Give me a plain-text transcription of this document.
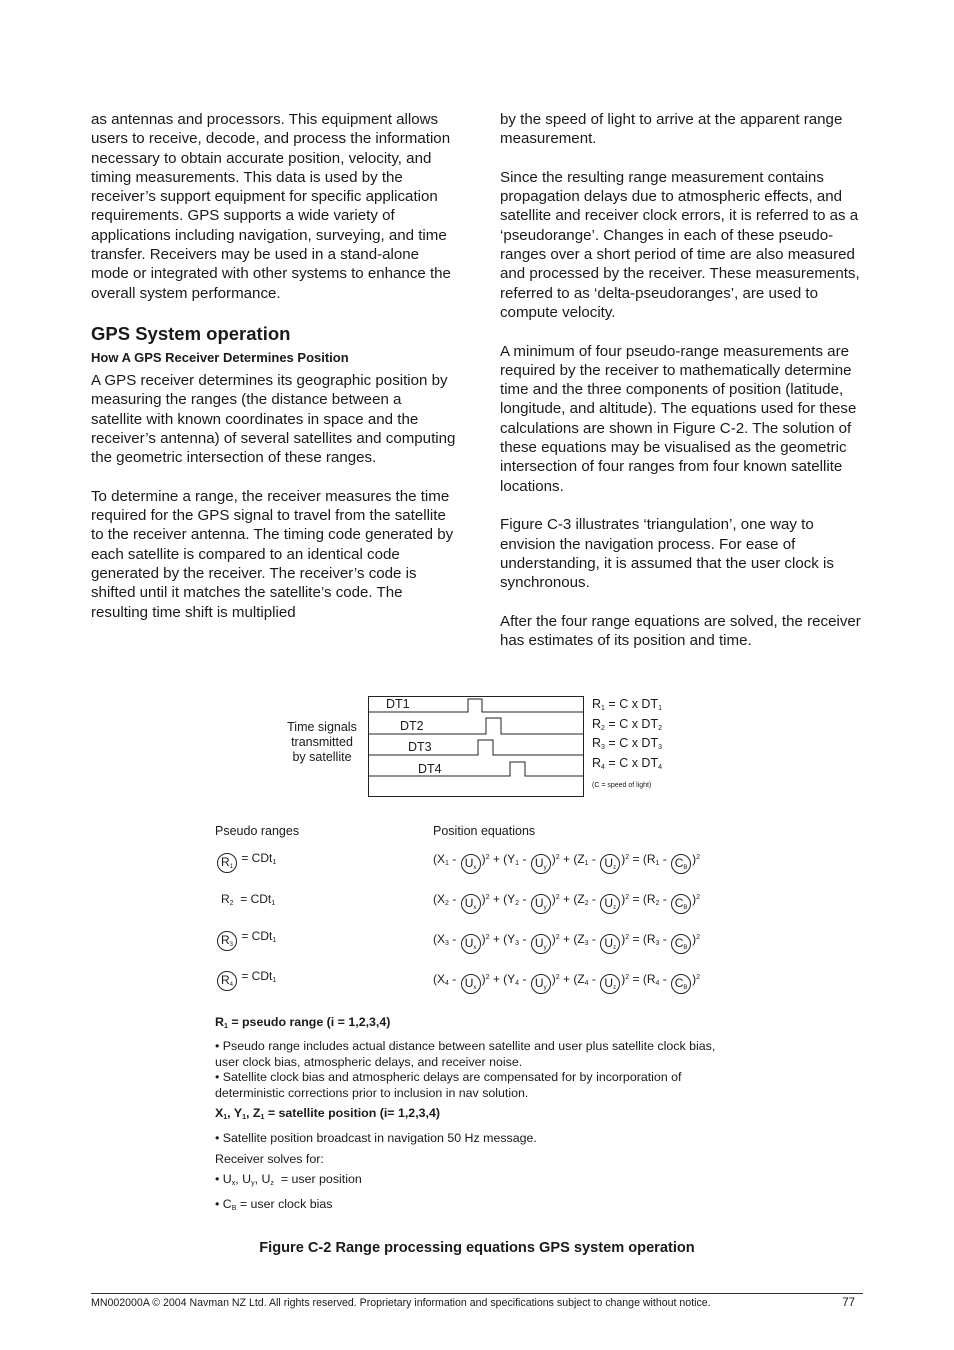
as antennas and processors. This equipment allows users to receive, decode, and process the information necessary to obtain accurate position, velocity, and timing measurements. This data is used by the receiver’s support equipment for specific application requirements. GPS supports a wide variety of applications including navigation, surveying, and time transfer. Receivers may be used in a stand-alone mode or integrated with other systems to enhance the overall system performance.

GPS System operation
How A GPS Receiver Determines Position

A GPS receiver determines its geographic position by measuring the ranges (the distance between a satellite with known coordinates in space and the receiver’s antenna) of several satellites and computing the geometric intersection of these ranges.

To determine a range, the receiver measures the time required for the GPS signal to travel from the satellite to the receiver antenna. The timing code generated by each satellite is compared to an identical code generated by the receiver. The receiver’s code is shifted until it matches the satellite’s code. The resulting time shift is multiplied

by the speed of light to arrive at the apparent range measurement.

Since the resulting range measurement contains propagation delays due to atmospheric effects, and satellite and receiver clock errors, it is referred to as a ‘pseudorange’. Changes in each of these pseudo-ranges over a short period of time are also measured and processed by the receiver. These measurements, referred to as ‘delta-pseudoranges’, are used to compute velocity.

A minimum of four pseudo-range measurements are required by the receiver to mathematically determine time and the three components of position (latitude, longitude, and altitude). The equations used for these calculations are shown in Figure C-2. The solution of these equations may be visualised as the geometric intersection of four ranges from four known satellite locations.

Figure C-3 illustrates ‘triangulation’, one way to envision the navigation process. For ease of understanding, it is assumed that the user clock is synchronous.

After the four range equations are solved, the receiver has estimates of its position and time.

Time signals
transmitted
by satellite
DT1
DT2
DT3
DT4
$R_1 = C$ x $DT_1$
$R_2 = C$ x $DT_2$
$R_3 = C$ x $DT_3$
$R_4 = C$ x $DT_4$
(C = speed of light)
Pseudo ranges	Position equations
$R_1 = CDt_1$
$R_2 = CDt_1$
$R_3 = CDt_1$
$R_4 = CDt_1$
$(X_1 - U_x)^2 + (Y_1 - U_y)^2 + (Z_1 - U_z)^2 = (R_1 - C_B)^2$
$(X_2 - U_x)^2 + (Y_2 - U_y)^2 + (Z_2 - U_z)^2 = (R_2 - C_B)^2$
$(X_3 - U_x)^2 + (Y_3 - U_y)^2 + (Z_3 - U_z)^2 = (R_3 - C_B)^2$
$(X_4 - U_x)^2 + (Y_4 - U_y)^2 + (Z_4 - U_z)^2 = (R_4 - C_B)^2$

$R_1$ = pseudo range (i = 1,2,3,4)

• Pseudo range includes actual distance between satellite and user plus satellite clock bias, user clock bias, atmospheric delays, and receiver noise.

• Satellite clock bias and atmospheric delays are compensated for by incorporation of deterministic corrections prior to inclusion in nav solution.

$X_1$, $Y_1$, $Z_1$ = satellite position (i= 1,2,3,4)

• Satellite position broadcast in navigation 50 Hz message.

Receiver solves for:

• $U_x$, $U_y$, $U_z$ = user position

• $C_B$ = user clock bias

Figure C-2 Range processing equations GPS system operation
MN002000A © 2004 Navman NZ Ltd. All rights reserved. Proprietary information and specifications subject to change without notice.	77
